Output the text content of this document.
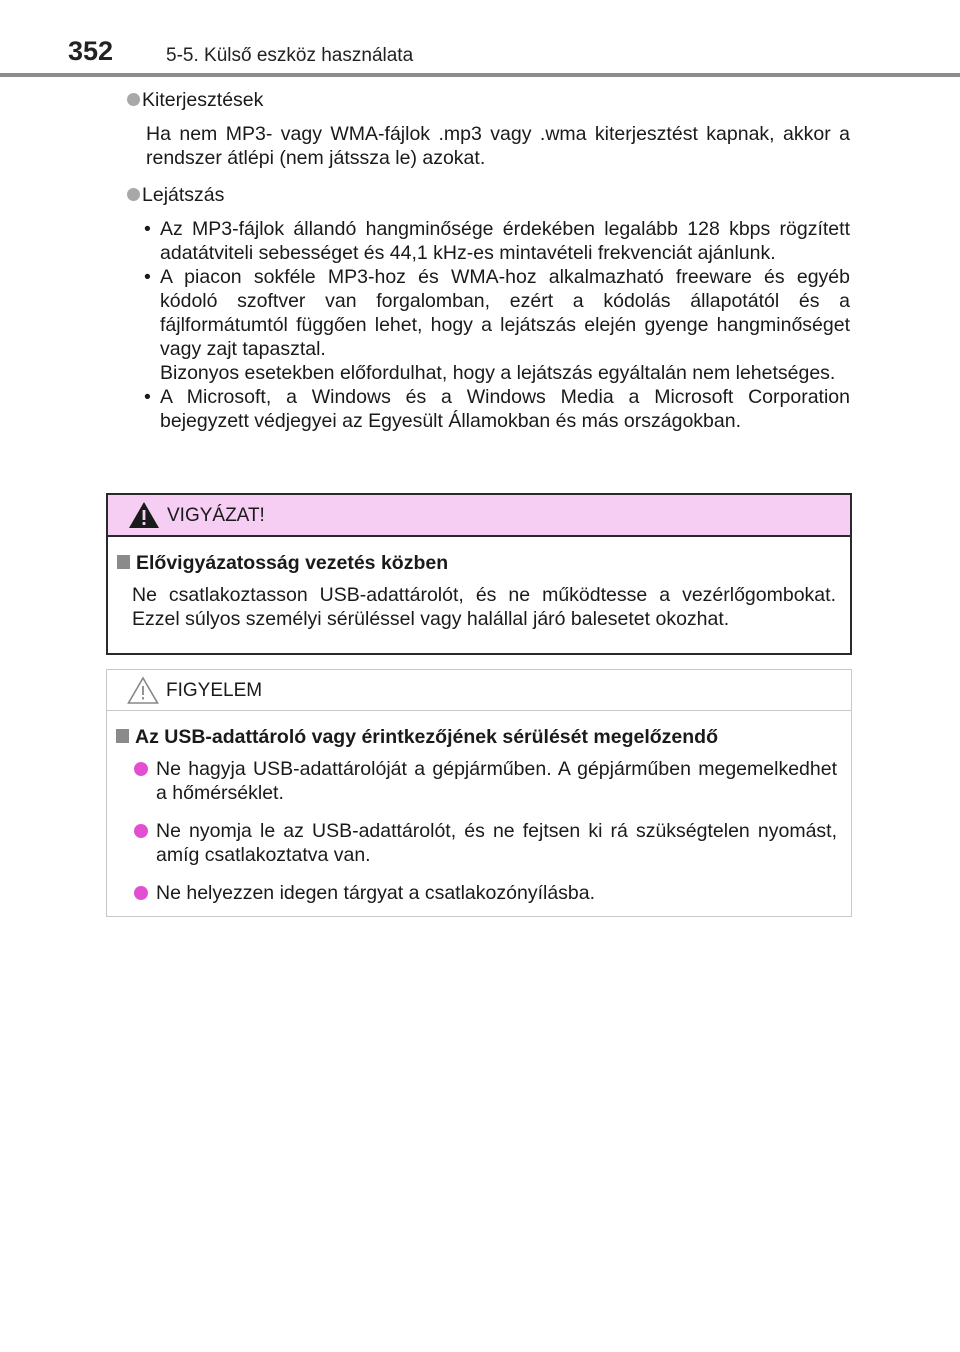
352	5-5. Külső eszköz használata
Kiterjesztések
Ha nem MP3- vagy WMA-fájlok .mp3 vagy .wma kiterjesztést kapnak, akkor a rendszer átlépi (nem játssza le) azokat.
Lejátszás
• Az MP3-fájlok állandó hangminősége érdekében legalább 128 kbps rögzített adatátviteli sebességet és 44,1 kHz-es mintavételi frekvenciát ajánlunk.
• A piacon sokféle MP3-hoz és WMA-hoz alkalmazható freeware és egyéb kódoló szoftver van forgalomban, ezért a kódolás állapotától és a fájlformátumtól függően lehet, hogy a lejátszás elején gyenge hangminőséget vagy zajt tapasztal.
Bizonyos esetekben előfordulhat, hogy a lejátszás egyáltalán nem lehetséges.
• A Microsoft, a Windows és a Windows Media a Microsoft Corporation bejegyzett védjegyei az Egyesült Államokban és más országokban.
VIGYÁZAT!
Elővigyázatosság vezetés közben
Ne csatlakoztasson USB-adattárolót, és ne működtesse a vezérlőgombokat. Ezzel súlyos személyi sérüléssel vagy halállal járó balesetet okozhat.
FIGYELEM
Az USB-adattároló vagy érintkezőjének sérülését megelőzendő
Ne hagyja USB-adattárolóját a gépjárműben. A gépjárműben megemelkedhet a hőmérséklet.
Ne nyomja le az USB-adattárolót, és ne fejtsen ki rá szükségtelen nyomást, amíg csatlakoztatva van.
Ne helyezzen idegen tárgyat a csatlakozónyílásba.
